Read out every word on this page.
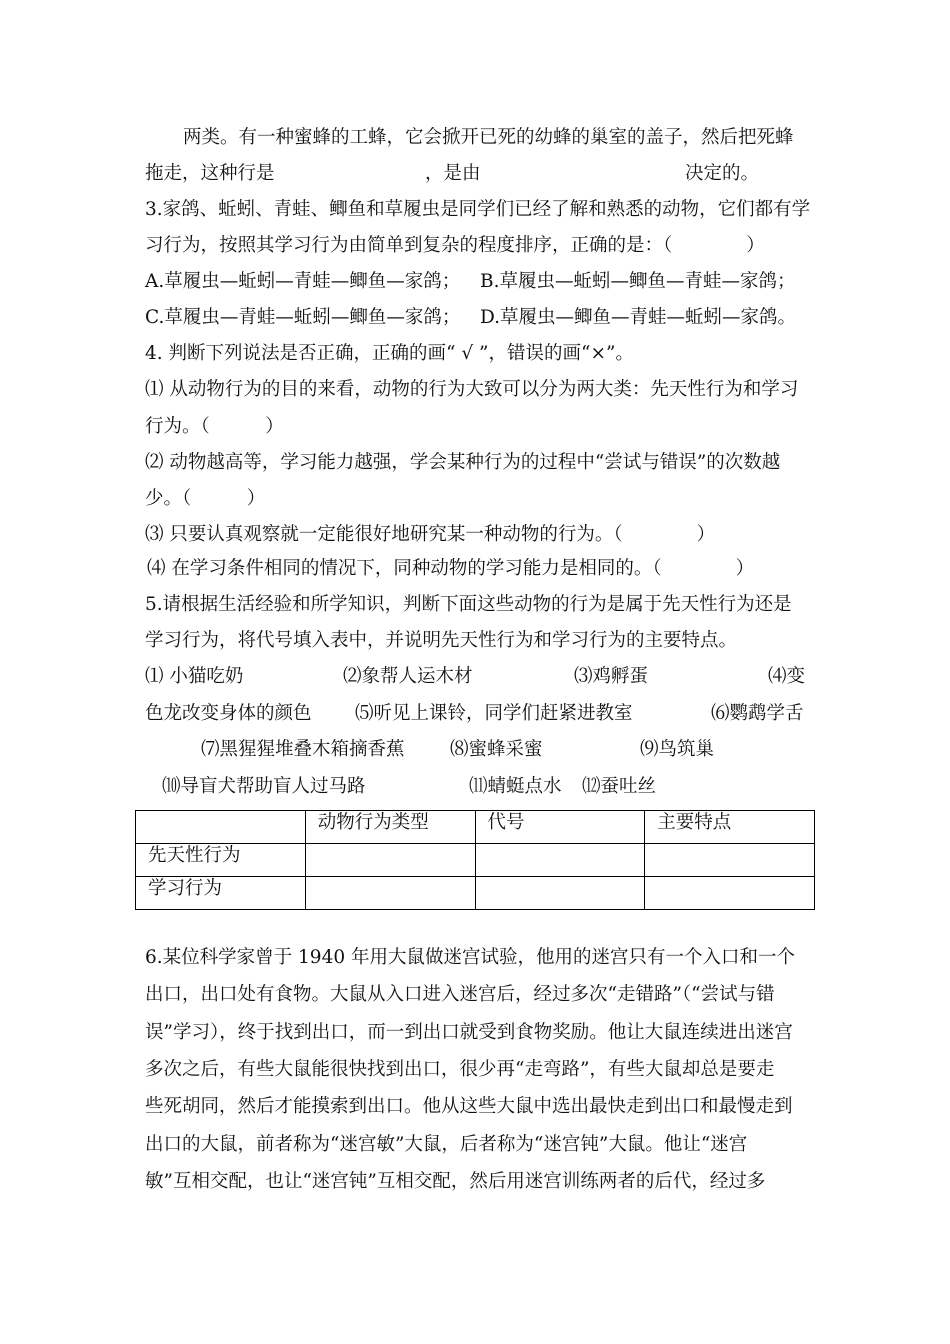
两类。有一种蜜蜂的工蜂，它会掀开已死的幼蜂的巢室的盖子，然后把死蜂
拖走，这种行是	，是由	决定的。
3.家鸽、蚯蚓、青蛙、鲫鱼和草履虫是同学们已经了解和熟悉的动物，它们都有学
习行为，按照其学习行为由简单到复杂的程度排序，正确的是：（　　　　）
A.草履虫—蚯蚓—青蛙—鲫鱼—家鸽； B.草履虫—蚯蚓—鲫鱼—青蛙—家鸽；
C.草履虫—青蛙—蚯蚓—鲫鱼—家鸽； D.草履虫—鲫鱼—青蛙—蚯蚓—家鸽。
4. 判断下列说法是否正确，正确的画“ √ ”，错误的画“×”。
⑴ 从动物行为的目的来看，动物的行为大致可以分为两大类：先天性行为和学习
行为。（　　　）
⑵ 动物越高等，学习能力越强，学会某种行为的过程中“尝试与错误”的次数越
少。（　　　）
⑶ 只要认真观察就一定能很好地研究某一种动物的行为。（　　　　）
⑷ 在学习条件相同的情况下，同种动物的学习能力是相同的。（　　　　）
5.请根据生活经验和所学知识，判断下面这些动物的行为是属于先天性行为还是
学习行为，将代号填入表中，并说明先天性行为和学习行为的主要特点。
⑴ 小猫吃奶	⑵象帮人运木材	⑶鸡孵蛋	⑷变
色龙改变身体的颜色 ⑸听见上课铃，同学们赶紧进教室	⑹鹦鹉学舌
⑺黑猩猩堆叠木箱摘香蕉 ⑻蜜蜂采蜜	⑼鸟筑巢
⑽导盲犬帮助盲人过马路	⑾蜻蜓点水 ⑿蚕吐丝
	动物行为类型	代号	主要特点
先天性行为			
学习行为			
6.某位科学家曾于 1940 年用大鼠做迷宫试验，他用的迷宫只有一个入口和一个
出口，出口处有食物。大鼠从入口进入迷宫后，经过多次“走错路”（“尝试与错
误”学习），终于找到出口，而一到出口就受到食物奖励。他让大鼠连续进出迷宫
多次之后，有些大鼠能很快找到出口，很少再“走弯路”，有些大鼠却总是要走
些死胡同，然后才能摸索到出口。他从这些大鼠中选出最快走到出口和最慢走到
出口的大鼠，前者称为“迷宫敏”大鼠，后者称为“迷宫钝”大鼠。他让“迷宫
敏”互相交配，也让“迷宫钝”互相交配，然后用迷宫训练两者的后代，经过多
